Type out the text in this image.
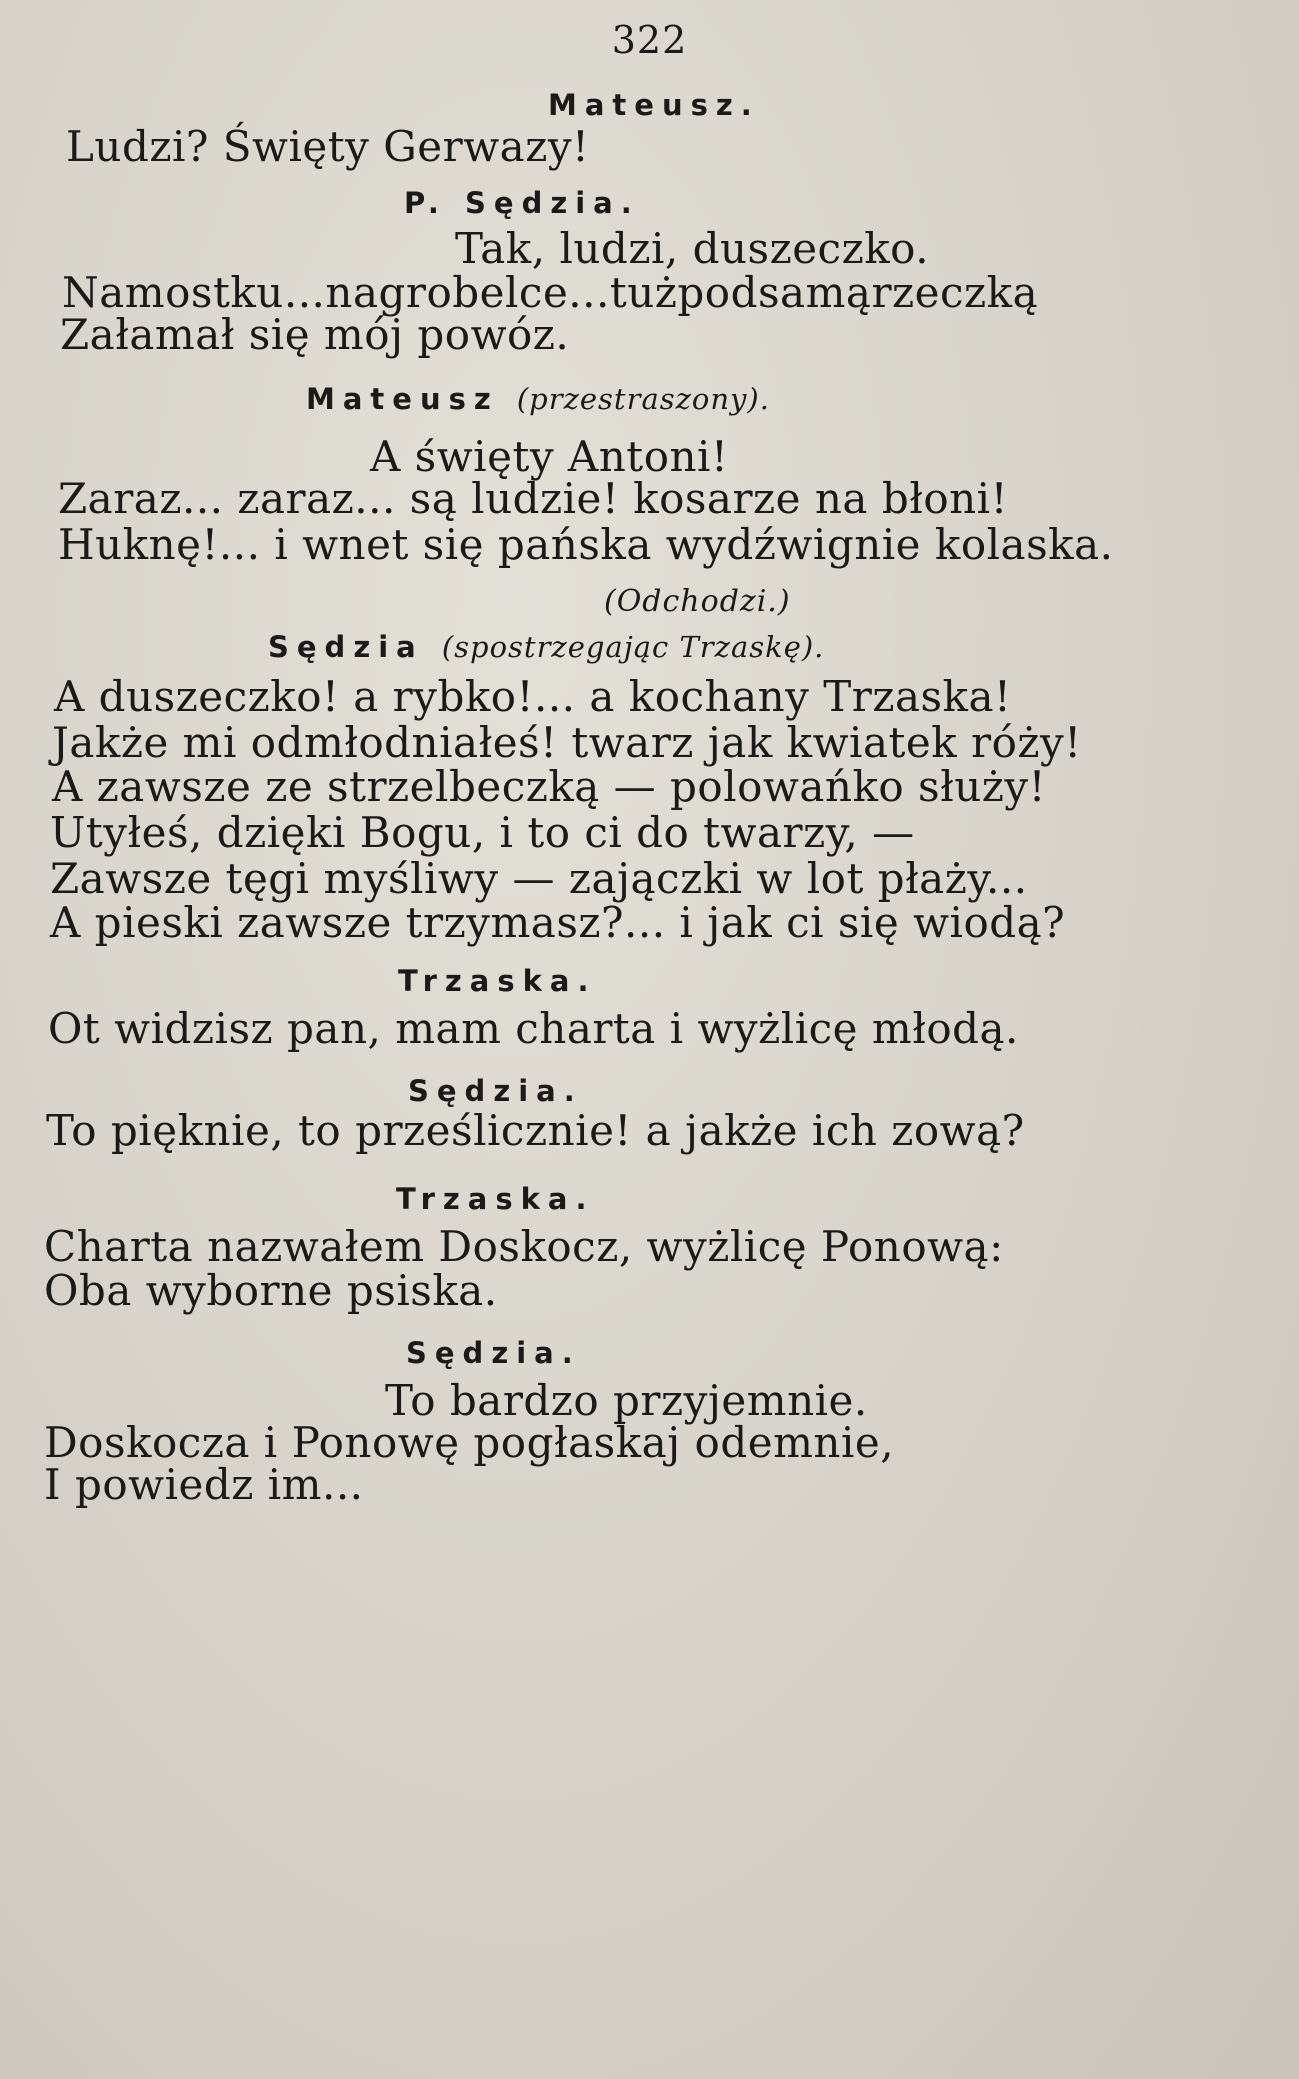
322
Mateusz.
Ludzi? Święty Gerwazy!
P. Sędzia.
Tak, ludzi, duszeczko.
Na mostku... na grobelce... tuż pod samą rzeczką
Załamał się mój powóz.
Mateusz (przestraszony).
A święty Antoni!
Zaraz... zaraz... są ludzie! kosarze na błoni!
Huknę!... i wnet się pańska wydźwignie kolaska.
(Odchodzi.)
Sędzia (spostrzegając Trzaskę).
A duszeczko! a rybko!... a kochany Trzaska!
Jakże mi odmłodniałeś! twarz jak kwiatek róży!
A zawsze ze strzelbeczką — polowańko służy!
Utyłeś, dzięki Bogu, i to ci do twarzy, —
Zawsze tęgi myśliwy — zajączki w lot płaży...
A pieski zawsze trzymasz?... i jak ci się wiodą?
Trzaska.
Ot widzisz pan, mam charta i wyżlicę młodą.
Sędzia.
To pięknie, to prześlicznie! a jakże ich zową?
Trzaska.
Charta nazwałem Doskocz, wyżlicę Ponową:
Oba wyborne psiska.
Sędzia.
To bardzo przyjemnie.
Doskocza i Ponowę pogłaskaj odemnie,
I powiedz im...
